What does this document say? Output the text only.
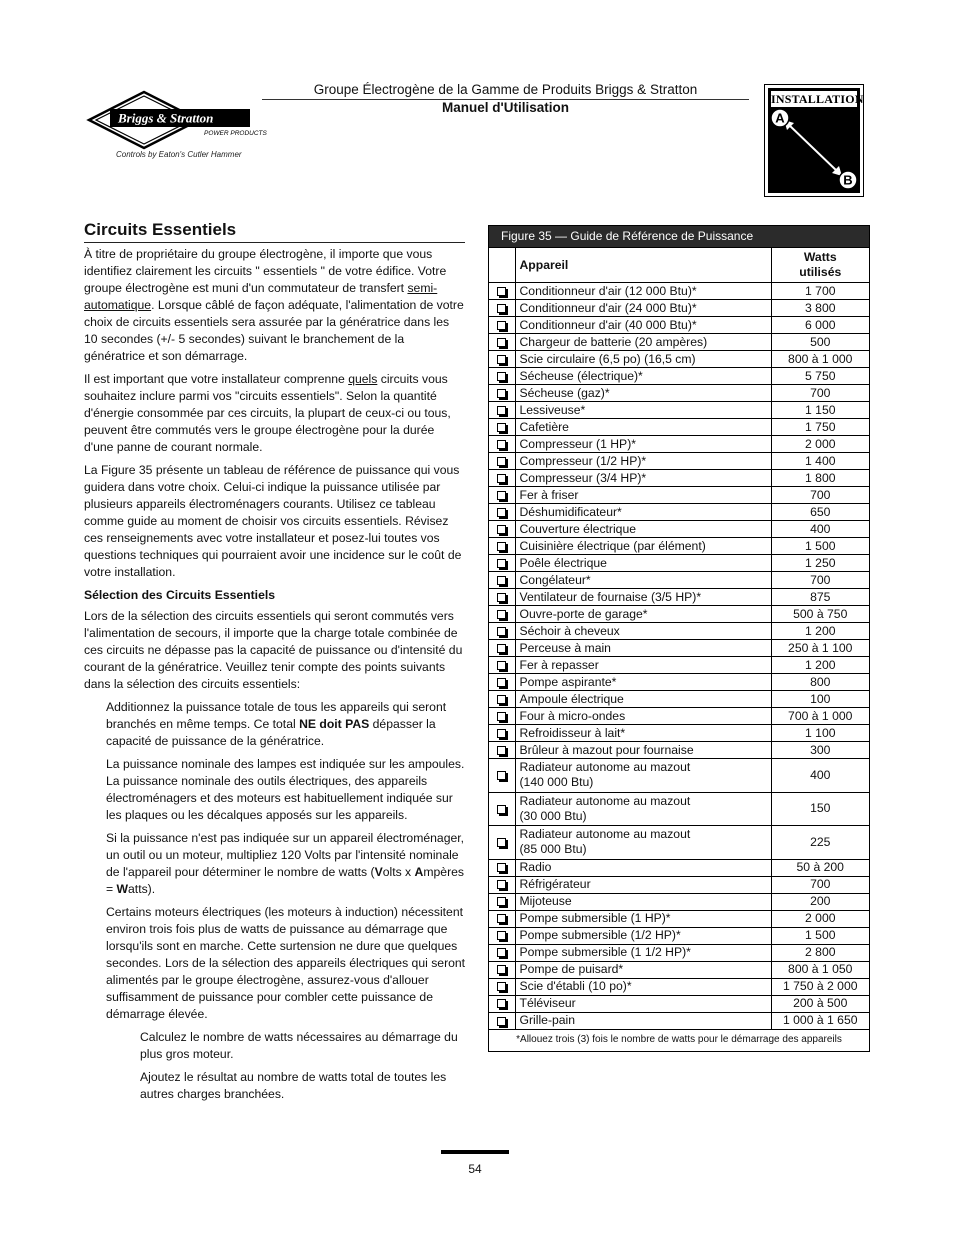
Briggs & Stratton
POWER PRODUCTS
Controls by Eaton's Cutler Hammer
Groupe Électrogène de la Gamme de Produits Briggs & Stratton
Manuel d'Utilisation
INSTALLATION
A
B
Circuits Essentiels

À titre de propriétaire du groupe électrogène, il importe que vous identifiez clairement les circuits " essentiels " de votre édifice. Votre groupe électrogène est muni d'un commutateur de transfert semi-automatique. Lorsque câblé de façon adéquate, l'alimentation de votre choix de circuits essentiels sera assurée par la génératrice dans les 10 secondes (+/- 5 secondes) suivant le branchement de la génératrice et son démarrage.

Il est important que votre installateur comprenne quels circuits vous souhaitez inclure parmi vos "circuits essentiels". Selon la quantité d'énergie consommée par ces circuits, la plupart de ceux-ci ou tous, peuvent être commutés vers le groupe électrogène pour la durée d'une panne de courant normale.

La Figure 35 présente un tableau de référence de puissance qui vous guidera dans votre choix. Celui-ci indique la puissance utilisée par plusieurs appareils électroménagers courants. Utilisez ce tableau comme guide au moment de choisir vos circuits essentiels. Révisez ces renseignements avec votre installateur et posez-lui toutes vos questions techniques qui pourraient avoir une incidence sur le coût de votre installation.

Sélection des Circuits Essentiels

Lors de la sélection des circuits essentiels qui seront commutés vers l'alimentation de secours, il importe que la charge totale combinée de ces circuits ne dépasse pas la capacité de puissance ou d'intensité du courant de la génératrice. Veuillez tenir compte des points suivants dans la sélection des circuits essentiels:

Additionnez la puissance totale de tous les appareils qui seront branchés en même temps. Ce total NE doit PAS dépasser la capacité de puissance de la génératrice.

La puissance nominale des lampes est indiquée sur les ampoules. La puissance nominale des outils électriques, des appareils électroménagers et des moteurs est habituellement indiquée sur les plaques ou les décalques apposés sur les appareils.

Si la puissance n'est pas indiquée sur un appareil électroménager, un outil ou un moteur, multipliez 120 Volts par l'intensité nominale de l'appareil pour déterminer le nombre de watts (Volts x Ampères = Watts).

Certains moteurs électriques (les moteurs à induction) nécessitent environ trois fois plus de watts de puissance au démarrage que lorsqu'ils sont en marche. Cette surtension ne dure que quelques secondes. Lors de la sélection des appareils électriques qui seront alimentés par le groupe électrogène, assurez-vous d'allouer suffisamment de puissance pour combler cette puissance de démarrage élevée.

Calculez le nombre de watts nécessaires au démarrage du plus gros moteur.

Ajoutez le résultat au nombre de watts total de toutes les autres charges branchées.

Figure 35 — Guide de Référence de Puissance
	Appareil	Watts
utilisés
	Conditionneur d'air (12 000 Btu)*	1 700
	Conditionneur d'air (24 000 Btu)*	3 800
	Conditionneur d'air (40 000 Btu)*	6 000
	Chargeur de batterie (20 ampères)	500
	Scie circulaire (6,5 po) (16,5 cm)	800 à 1 000
	Sécheuse (électrique)*	5 750
	Sécheuse (gaz)*	700
	Lessiveuse*	1 150
	Cafetière	1 750
	Compresseur (1 HP)*	2 000
	Compresseur (1/2 HP)*	1 400
	Compresseur (3/4 HP)*	1 800
	Fer à friser	700
	Déshumidificateur*	650
	Couverture électrique	400
	Cuisinière électrique (par élément)	1 500
	Poêle électrique	1 250
	Congélateur*	700
	Ventilateur de fournaise (3/5 HP)*	875
	Ouvre-porte de garage*	500 à 750
	Séchoir à cheveux	1 200
	Perceuse à main	250 à 1 100
	Fer à repasser	1 200
	Pompe aspirante*	800
	Ampoule électrique	100
	Four à micro-ondes	700 à 1 000
	Refroidisseur à lait*	1 100
	Brûleur à mazout pour fournaise	300
	Radiateur autonome au mazout
(140 000 Btu)	400
	Radiateur autonome au mazout
(30 000 Btu)	150
	Radiateur autonome au mazout
(85 000 Btu)	225
	Radio	50 à 200
	Réfrigérateur	700
	Mijoteuse	200
	Pompe submersible (1 HP)*	2 000
	Pompe submersible (1/2 HP)*	1 500
	Pompe submersible (1 1/2 HP)*	2 800
	Pompe de puisard*	800 à 1 050
	Scie d'établi (10 po)*	1 750 à 2 000
	Téléviseur	200 à 500
	Grille-pain	1 000 à 1 650
*Allouez trois (3) fois le nombre de watts pour le démarrage des appareils
54
